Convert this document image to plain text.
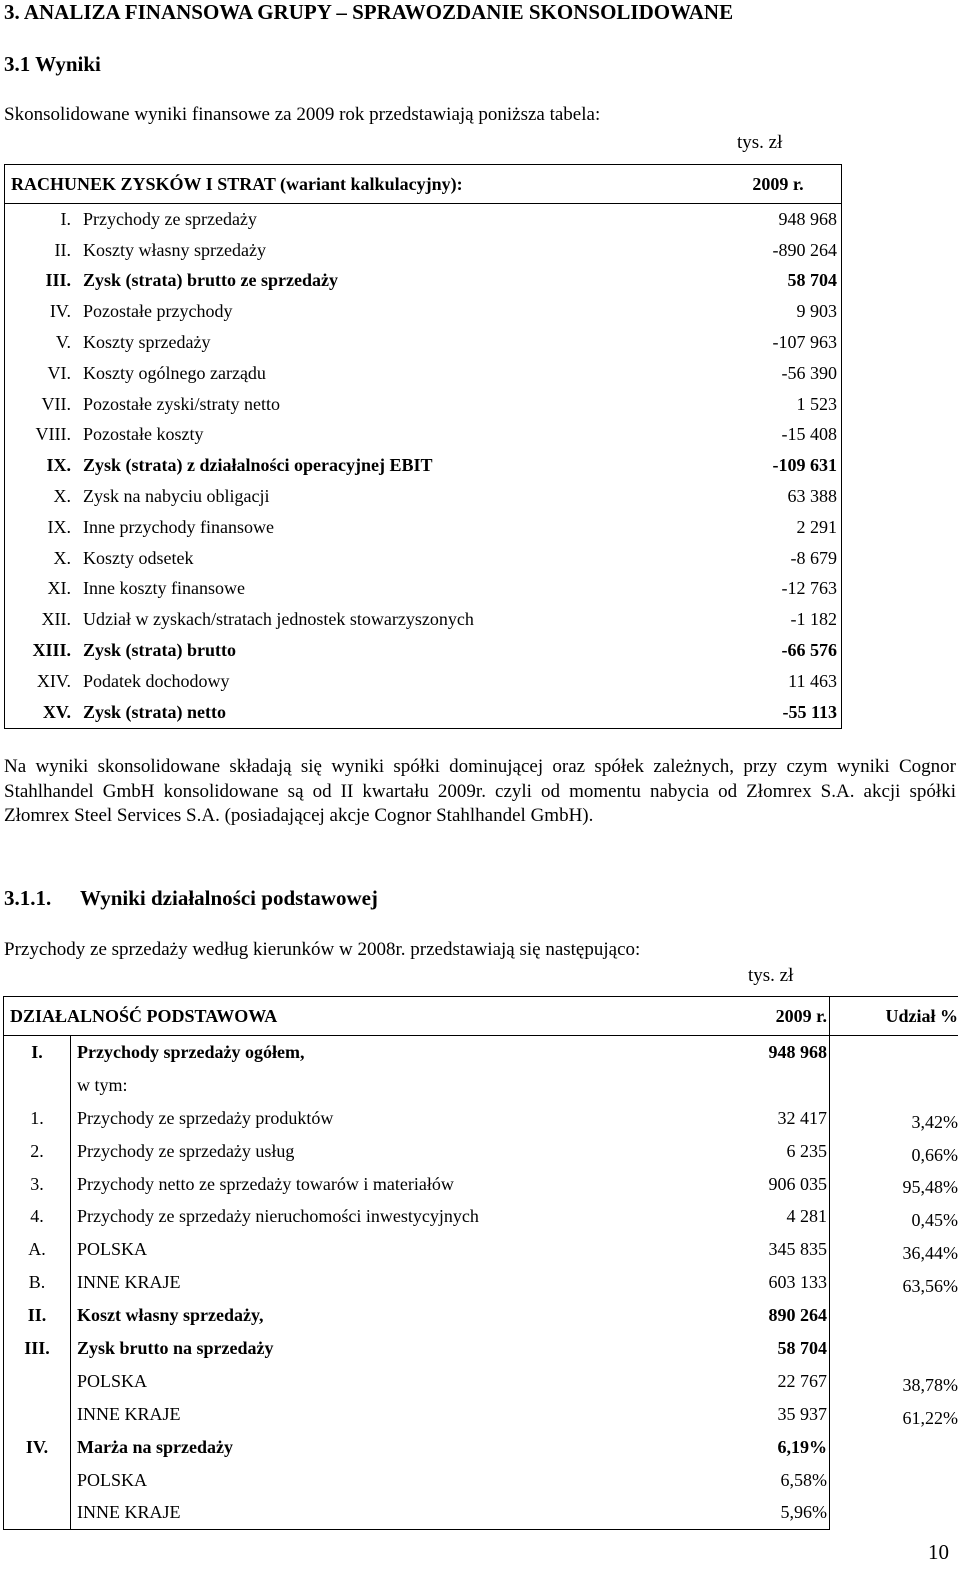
3. ANALIZA FINANSOWA GRUPY – SPRAWOZDANIE SKONSOLIDOWANE
3.1 Wyniki
Skonsolidowane wyniki finansowe za 2009 rok przedstawiają poniższa tabela:
tys. zł
RACHUNEK ZYSKÓW I STRAT (wariant kalkulacyjny):		2009 r.
I.	Przychody ze sprzedaży	948 968
II.	Koszty własny sprzedaży	-890 264
III.	Zysk (strata) brutto ze sprzedaży	58 704
IV.	Pozostałe przychody	9 903
V.	Koszty sprzedaży	-107 963
VI.	Koszty ogólnego zarządu	-56 390
VII.	Pozostałe zyski/straty netto	1 523
VIII.	Pozostałe koszty	-15 408
IX.	Zysk (strata) z działalności operacyjnej EBIT	-109 631
X.	Zysk na nabyciu obligacji	63 388
IX.	Inne przychody finansowe	2 291
X.	Koszty odsetek	-8 679
XI.	Inne koszty finansowe	-12 763
XII.	Udział w zyskach/stratach jednostek stowarzyszonych	-1 182
XIII.	Zysk (strata) brutto	-66 576
XIV.	Podatek dochodowy	11 463
XV.	Zysk (strata) netto	-55 113

Na wyniki skonsolidowane składają się wyniki spółki dominującej oraz spółek zależnych, przy czym wyniki Cognor Stahlhandel GmbH konsolidowane są od II kwartału 2009r. czyli od momentu nabycia od Złomrex S.A. akcji spółki Złomrex Steel Services S.A. (posiadającej akcje Cognor Stahlhandel GmbH).

3.1.1. Wyniki działalności podstawowej
Przychody ze sprzedaży według kierunków w 2008r. przedstawiają się następująco:
tys. zł
DZIAŁALNOŚĆ PODSTAWOWA		2009 r.	Udział %
I.	Przychody sprzedaży ogółem,	948 968	
	w tym:		
1.	Przychody ze sprzedaży produktów	32 417	3,42%
2.	Przychody ze sprzedaży usług	6 235	0,66%
3.	Przychody netto ze sprzedaży towarów i materiałów	906 035	95,48%
4.	Przychody ze sprzedaży nieruchomości inwestycyjnych	4 281	0,45%
A.	POLSKA	345 835	36,44%
B.	INNE KRAJE	603 133	63,56%
II.	Koszt własny sprzedaży,	890 264	
III.	Zysk brutto na sprzedaży	58 704	
	POLSKA	22 767	38,78%
	INNE KRAJE	35 937	61,22%
IV.	Marża na sprzedaży	6,19%	
	POLSKA	6,58%	
	INNE KRAJE	5,96%	
10
